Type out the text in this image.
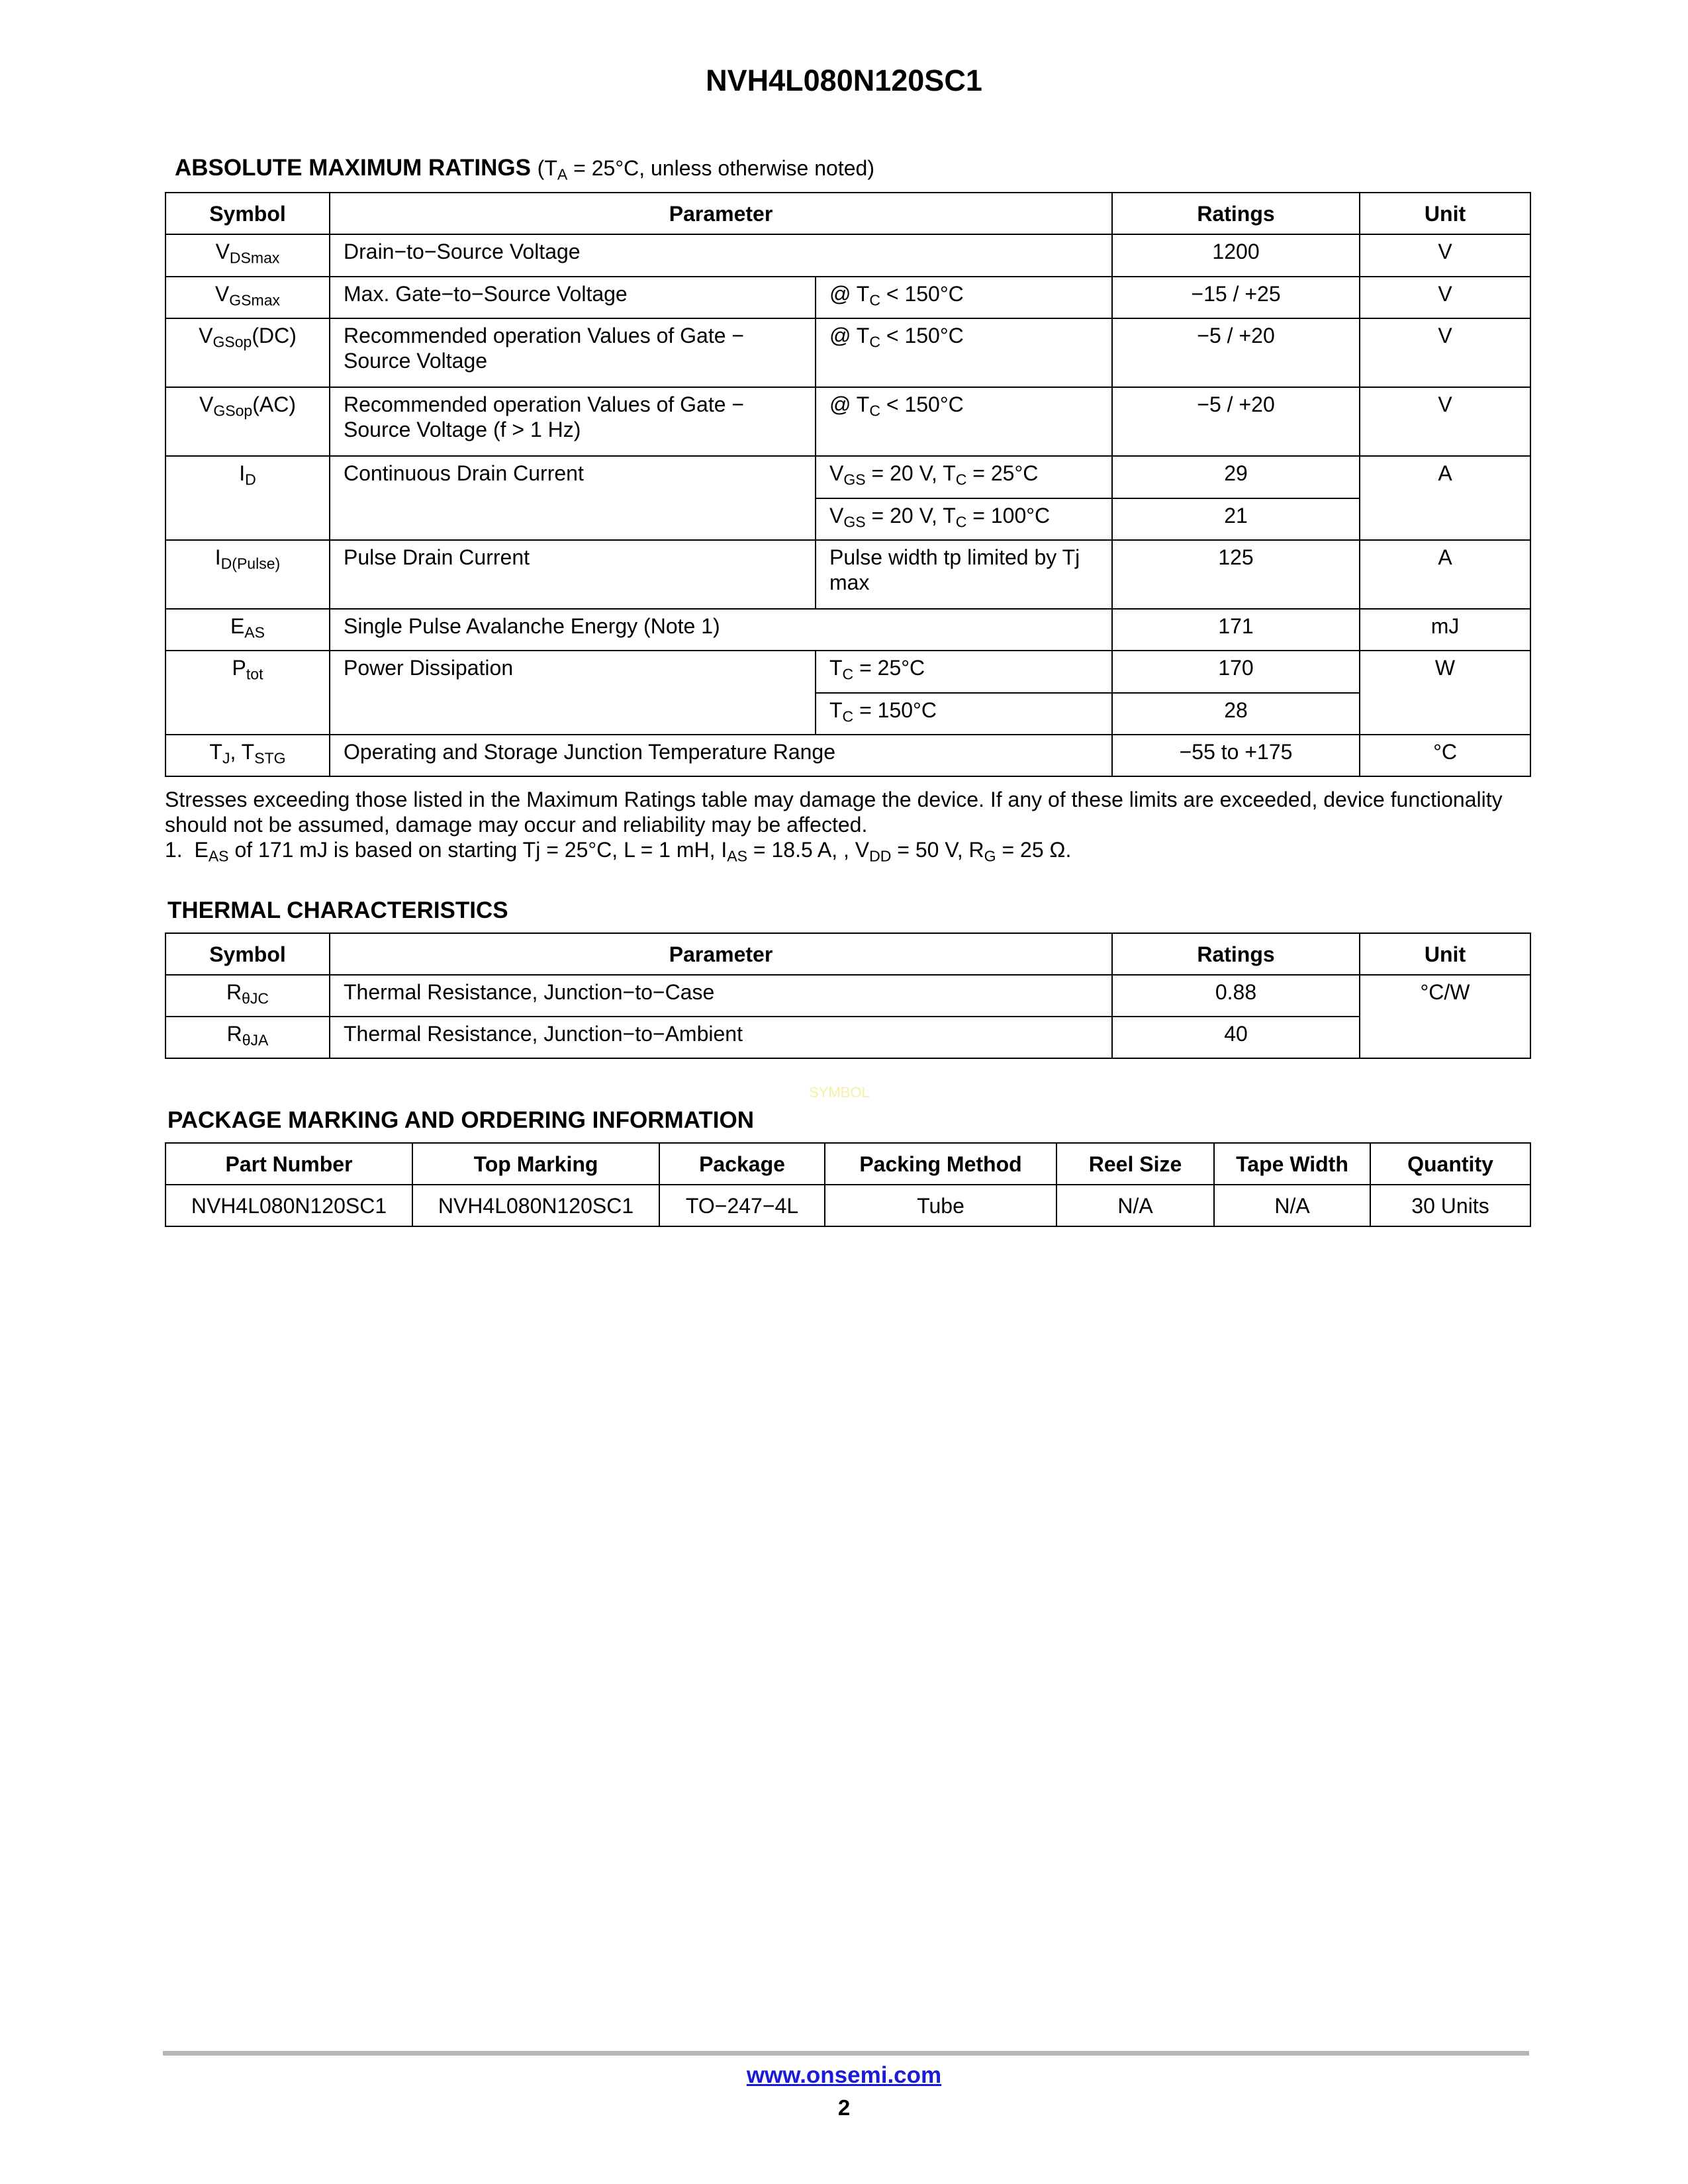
NVH4L080N120SC1
ABSOLUTE MAXIMUM RATINGS ($T_A = 25^\circ C$, unless otherwise noted)
Symbol	Parameter		Ratings	Unit
$V_{DSmax}$	Drain−to−Source Voltage		1200	V
$V_{GSmax}$	Max. Gate−to−Source Voltage	@ $T_C < 150^\circ C$	−15 / +25	V
$V_{GSop}(DC)$	Recommended operation Values of Gate − Source Voltage	@ $T_C < 150^\circ C$	−5 / +20	V
$V_{GSop}(AC)$	Recommended operation Values of Gate − Source Voltage (f > 1 Hz)	@ $T_C < 150^\circ C$	−5 / +20	V
$I_D$	Continuous Drain Current	$V_{GS} = 20$ V, $T_C = 25^\circ C$	29	A
		$V_{GS} = 20$ V, $T_C = 100^\circ C$	21	
$I_{D(Pulse)}$	Pulse Drain Current	Pulse width tp limited by Tj max	125	A
$E_{AS}$	Single Pulse Avalanche Energy (Note 1)		171	mJ
$P_{tot}$	Power Dissipation	$T_C = 25^\circ C$	170	W
		$T_C = 150^\circ C$	28	
$T_J$, $T_{STG}$	Operating and Storage Junction Temperature Range		−55 to +175	°C
Stresses exceeding those listed in the Maximum Ratings table may damage the device. If any of these limits are exceeded, device functionality should not be assumed, damage may occur and reliability may be affected.
1. $E_{AS}$ of 171 mJ is based on starting Tj = 25°C, L = 1 mH, $I_{AS} = 18.5$ A, , $V_{DD} = 50$ V, $R_G = 25$ Ω.
THERMAL CHARACTERISTICS
Symbol	Parameter	Ratings	Unit
$R_{\theta JC}$	Thermal Resistance, Junction−to−Case	0.88	°C/W
$R_{\theta JA}$	Thermal Resistance, Junction−to−Ambient	40	
SYMBOL
PACKAGE MARKING AND ORDERING INFORMATION
Part Number	Top Marking	Package	Packing Method	Reel Size	Tape Width	Quantity
NVH4L080N120SC1	NVH4L080N120SC1	TO−247−4L	Tube	N/A	N/A	30 Units
www.onsemi.com
2
